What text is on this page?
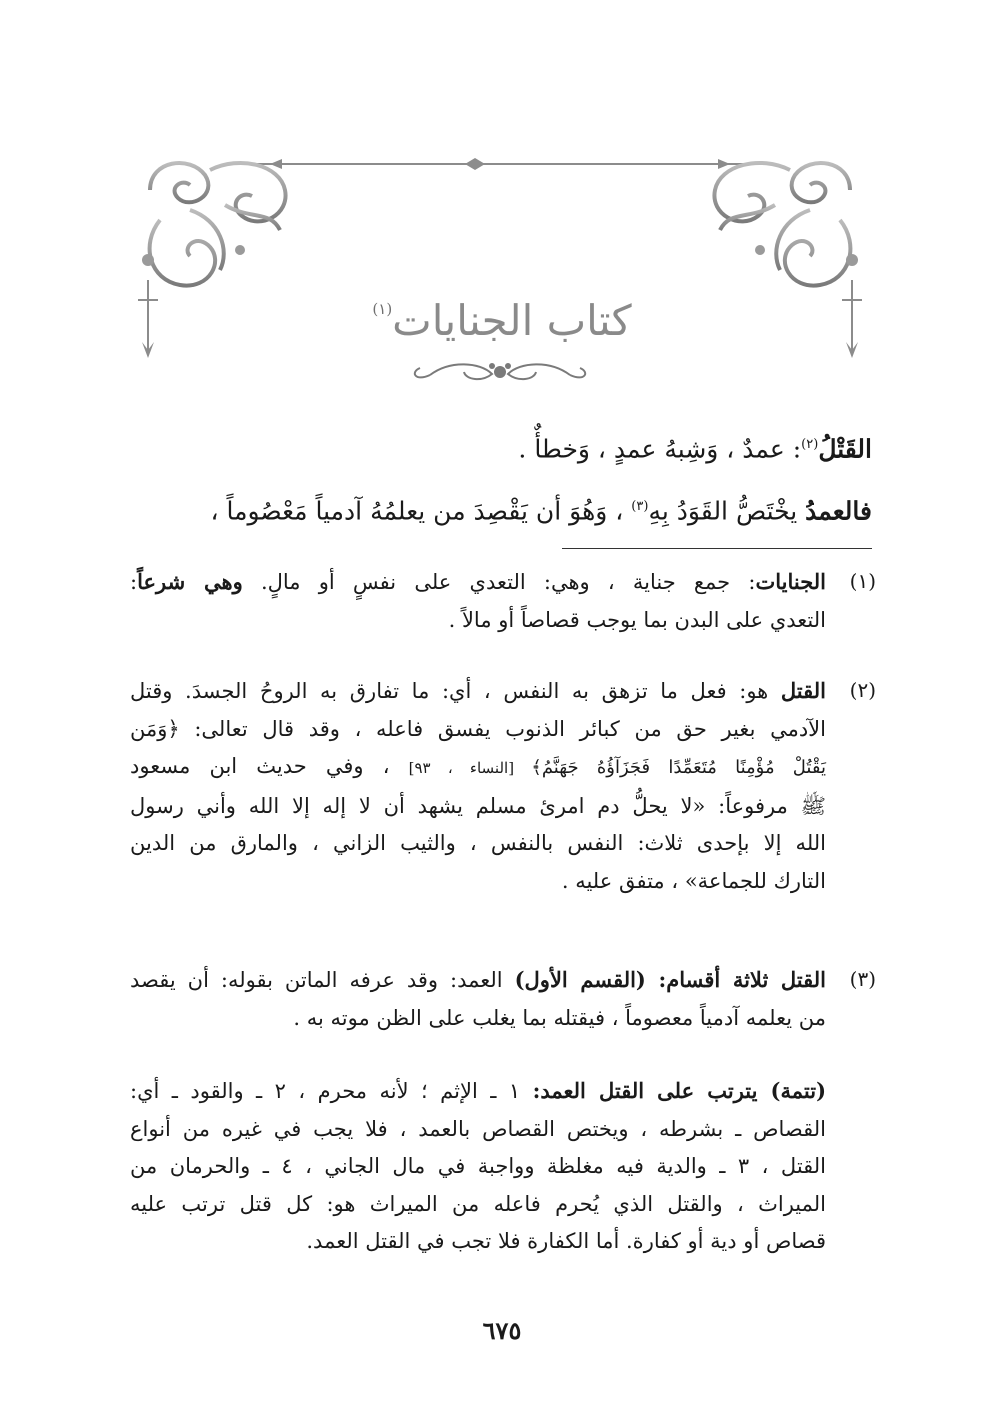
كتاب الجنايات$^{(١)}$
القَتْلُ$^{(٢)}$: عمدٌ ، وَشِبهُ عمدٍ ، وَخطأٌ .
فالعمدُ يخْتَصُّ القَوَدُ بِهِ$^{(٣)}$ ، وَهُوَ أن يَقْصِدَ من يعلمُهُ آدمياً مَعْصُوماً ،
(١)
الجنايات: جمع جناية ، وهي: التعدي على نفسٍ أو مالٍ. وهي شرعاً:
التعدي على البدن بما يوجب قصاصاً أو مالاً .
(٢)
القتل هو: فعل ما تزهق به النفس ، أي: ما تفارق به الروحُ الجسدَ. وقتل
الآدمي بغير حق من كبائر الذنوب يفسق فاعله ، وقد قال تعالى: ﴿وَمَن
يَقْتُلْ مُؤْمِنًا مُتَعَمِّدًا فَجَزَآؤُهُ جَهَنَّمُ﴾ [النساء ، ٩٣] ، وفي حديث ابن مسعود
ﷺ مرفوعاً: «لا يحلُّ دم امرئ مسلم يشهد أن لا إله إلا الله وأني رسول
الله إلا بإحدى ثلاث: النفس بالنفس ، والثيب الزاني ، والمارق من الدين
التارك للجماعة» ، متفق عليه .
(٣)
القتل ثلاثة أقسام: (القسم الأول) العمد: وقد عرفه الماتن بقوله: أن يقصد
من يعلمه آدمياً معصوماً ، فيقتله بما يغلب على الظن موته به .
(تتمة) يترتب على القتل العمد: ١ ـ الإثم ؛ لأنه محرم ، ٢ ـ والقود ـ أي:
القصاص ـ بشرطه ، ويختص القصاص بالعمد ، فلا يجب في غيره من أنواع
القتل ، ٣ ـ والدية فيه مغلظة وواجبة في مال الجاني ، ٤ ـ والحرمان من
الميراث ، والقتل الذي يُحرم فاعله من الميراث هو: كل قتل ترتب عليه
قصاص أو دية أو كفارة. أما الكفارة فلا تجب في القتل العمد.
٦٧٥
